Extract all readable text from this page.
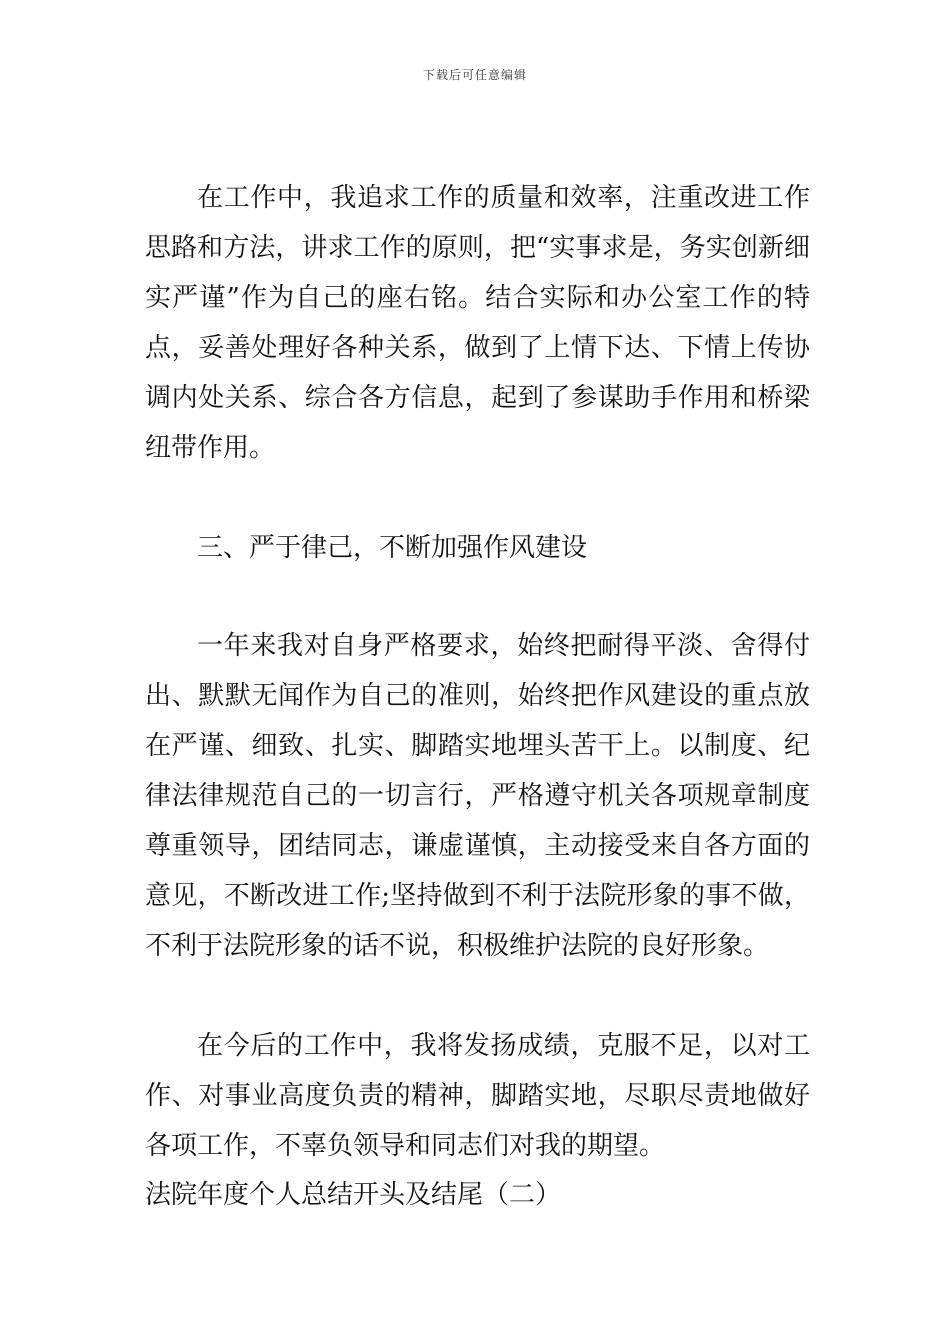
下载后可任意编辑

在工作中，我追求工作的质量和效率，注重改进工作思路和方法，讲求工作的原则，把“实事求是，务实创新细实严谨”作为自己的座右铭。结合实际和办公室工作的特点，妥善处理好各种关系，做到了上情下达、下情上传协调内处关系、综合各方信息，起到了参谋助手作用和桥梁纽带作用。

三、严于律己，不断加强作风建设

一年来我对自身严格要求，始终把耐得平淡、舍得付出、默默无闻作为自己的准则，始终把作风建设的重点放在严谨、细致、扎实、脚踏实地埋头苦干上。以制度、纪律法律规范自己的一切言行，严格遵守机关各项规章制度尊重领导，团结同志，谦虚谨慎，主动接受来自各方面的意见，不断改进工作;坚持做到不利于法院形象的事不做，不利于法院形象的话不说，积极维护法院的良好形象。

在今后的工作中，我将发扬成绩，克服不足，以对工作、对事业高度负责的精神，脚踏实地，尽职尽责地做好各项工作，不辜负领导和同志们对我的期望。

法院年度个人总结开头及结尾（二）
